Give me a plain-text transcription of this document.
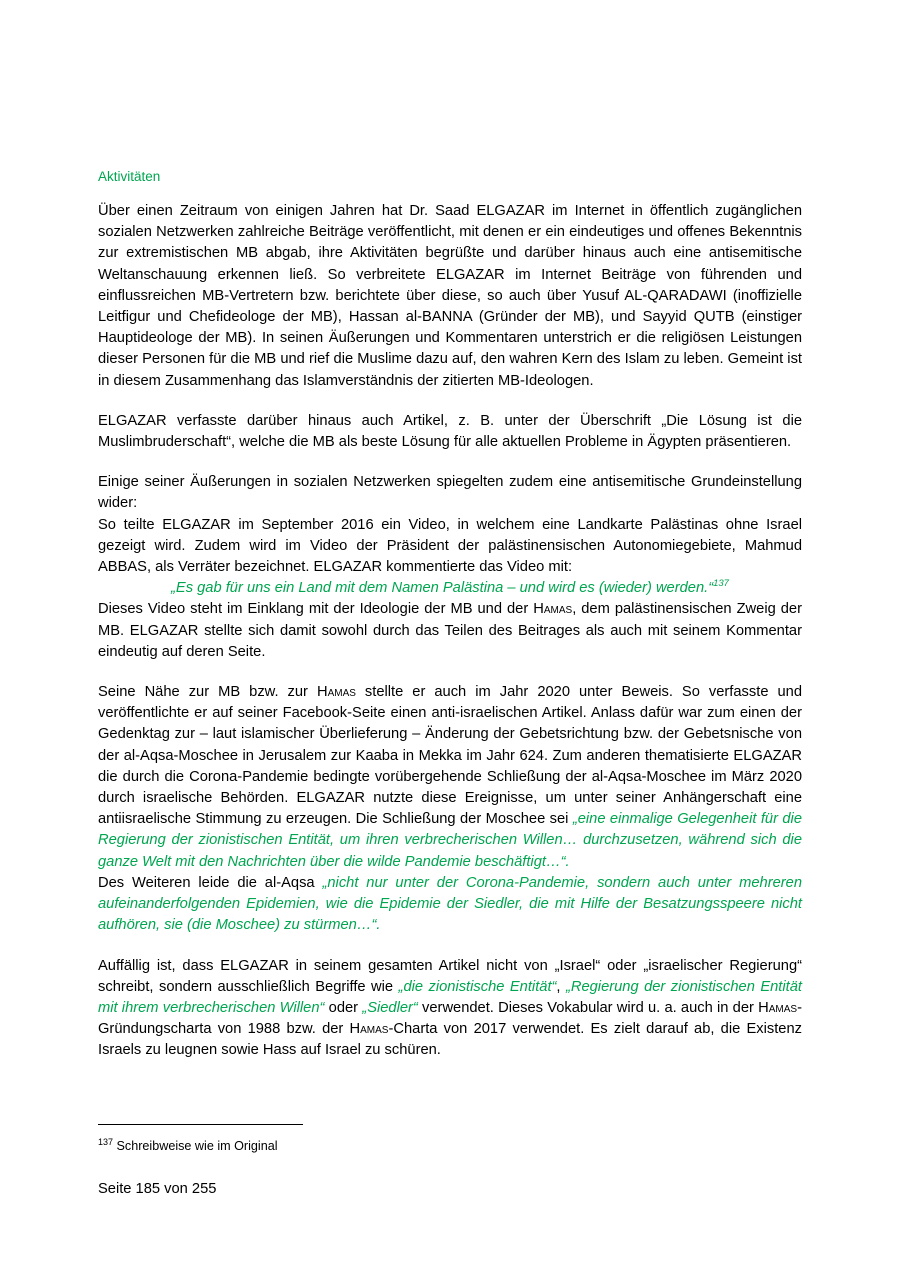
Aktivitäten

Über einen Zeitraum von einigen Jahren hat Dr. Saad ELGAZAR im Internet in öffentlich zugänglichen sozialen Netzwerken zahlreiche Beiträge veröffentlicht, mit denen er ein eindeutiges und offenes Bekenntnis zur extremistischen MB abgab, ihre Aktivitäten begrüßte und darüber hinaus auch eine antisemitische Weltanschauung erkennen ließ. So verbreitete ELGAZAR im Internet Beiträge von führenden und einflussreichen MB-Vertretern bzw. berichtete über diese, so auch über Yusuf AL-QARADAWI (inoffizielle Leitfigur und Chefideologe der MB), Hassan al-BANNA (Gründer der MB), und Sayyid QUTB (einstiger Hauptideologe der MB). In seinen Äußerungen und Kommentaren unterstrich er die religiösen Leistungen dieser Personen für die MB und rief die Muslime dazu auf, den wahren Kern des Islam zu leben. Gemeint ist in diesem Zusammenhang das Islamverständnis der zitierten MB-Ideologen.

ELGAZAR verfasste darüber hinaus auch Artikel, z. B. unter der Überschrift „Die Lösung ist die Muslimbruderschaft“, welche die MB als beste Lösung für alle aktuellen Probleme in Ägypten präsentieren.

Einige seiner Äußerungen in sozialen Netzwerken spiegelten zudem eine antisemitische Grundeinstellung wider:

So teilte ELGAZAR im September 2016 ein Video, in welchem eine Landkarte Palästinas ohne Israel gezeigt wird. Zudem wird im Video der Präsident der palästinensischen Autonomiegebiete, Mahmud ABBAS, als Verräter bezeichnet. ELGAZAR kommentierte das Video mit:

„Es gab für uns ein Land mit dem Namen Palästina – und wird es (wieder) werden.“$^{137}$

Dieses Video steht im Einklang mit der Ideologie der MB und der Hamas, dem palästinensischen Zweig der MB. ELGAZAR stellte sich damit sowohl durch das Teilen des Beitrages als auch mit seinem Kommentar eindeutig auf deren Seite.

Seine Nähe zur MB bzw. zur Hamas stellte er auch im Jahr 2020 unter Beweis. So verfasste und veröffentlichte er auf seiner Facebook-Seite einen anti-israelischen Artikel. Anlass dafür war zum einen der Gedenktag zur – laut islamischer Überlieferung – Änderung der Gebetsrichtung bzw. der Gebetsnische von der al-Aqsa-Moschee in Jerusalem zur Kaaba in Mekka im Jahr 624. Zum anderen thematisierte ELGAZAR die durch die Corona-Pandemie bedingte vorübergehende Schließung der al-Aqsa-Moschee im März 2020 durch israelische Behörden. ELGAZAR nutzte diese Ereignisse, um unter seiner Anhängerschaft eine antiisraelische Stimmung zu erzeugen. Die Schließung der Moschee sei „eine einmalige Gelegenheit für die Regierung der zionistischen Entität, um ihren verbrecherischen Willen… durchzusetzen, während sich die ganze Welt mit den Nachrichten über die wilde Pandemie beschäftigt…“.

Des Weiteren leide die al-Aqsa „nicht nur unter der Corona-Pandemie, sondern auch unter mehreren aufeinanderfolgenden Epidemien, wie die Epidemie der Siedler, die mit Hilfe der Besatzungsspeere nicht aufhören, sie (die Moschee) zu stürmen…“.

Auffällig ist, dass ELGAZAR in seinem gesamten Artikel nicht von „Israel“ oder „israelischer Regierung“ schreibt, sondern ausschließlich Begriffe wie „die zionistische Entität“, „Regierung der zionistischen Entität mit ihrem verbrecherischen Willen“ oder „Siedler“ verwendet. Dieses Vokabular wird u. a. auch in der Hamas-Gründungscharta von 1988 bzw. der Hamas-Charta von 2017 verwendet. Es zielt darauf ab, die Existenz Israels zu leugnen sowie Hass auf Israel zu schüren.

$^{137}$ Schreibweise wie im Original
Seite 185 von 255
